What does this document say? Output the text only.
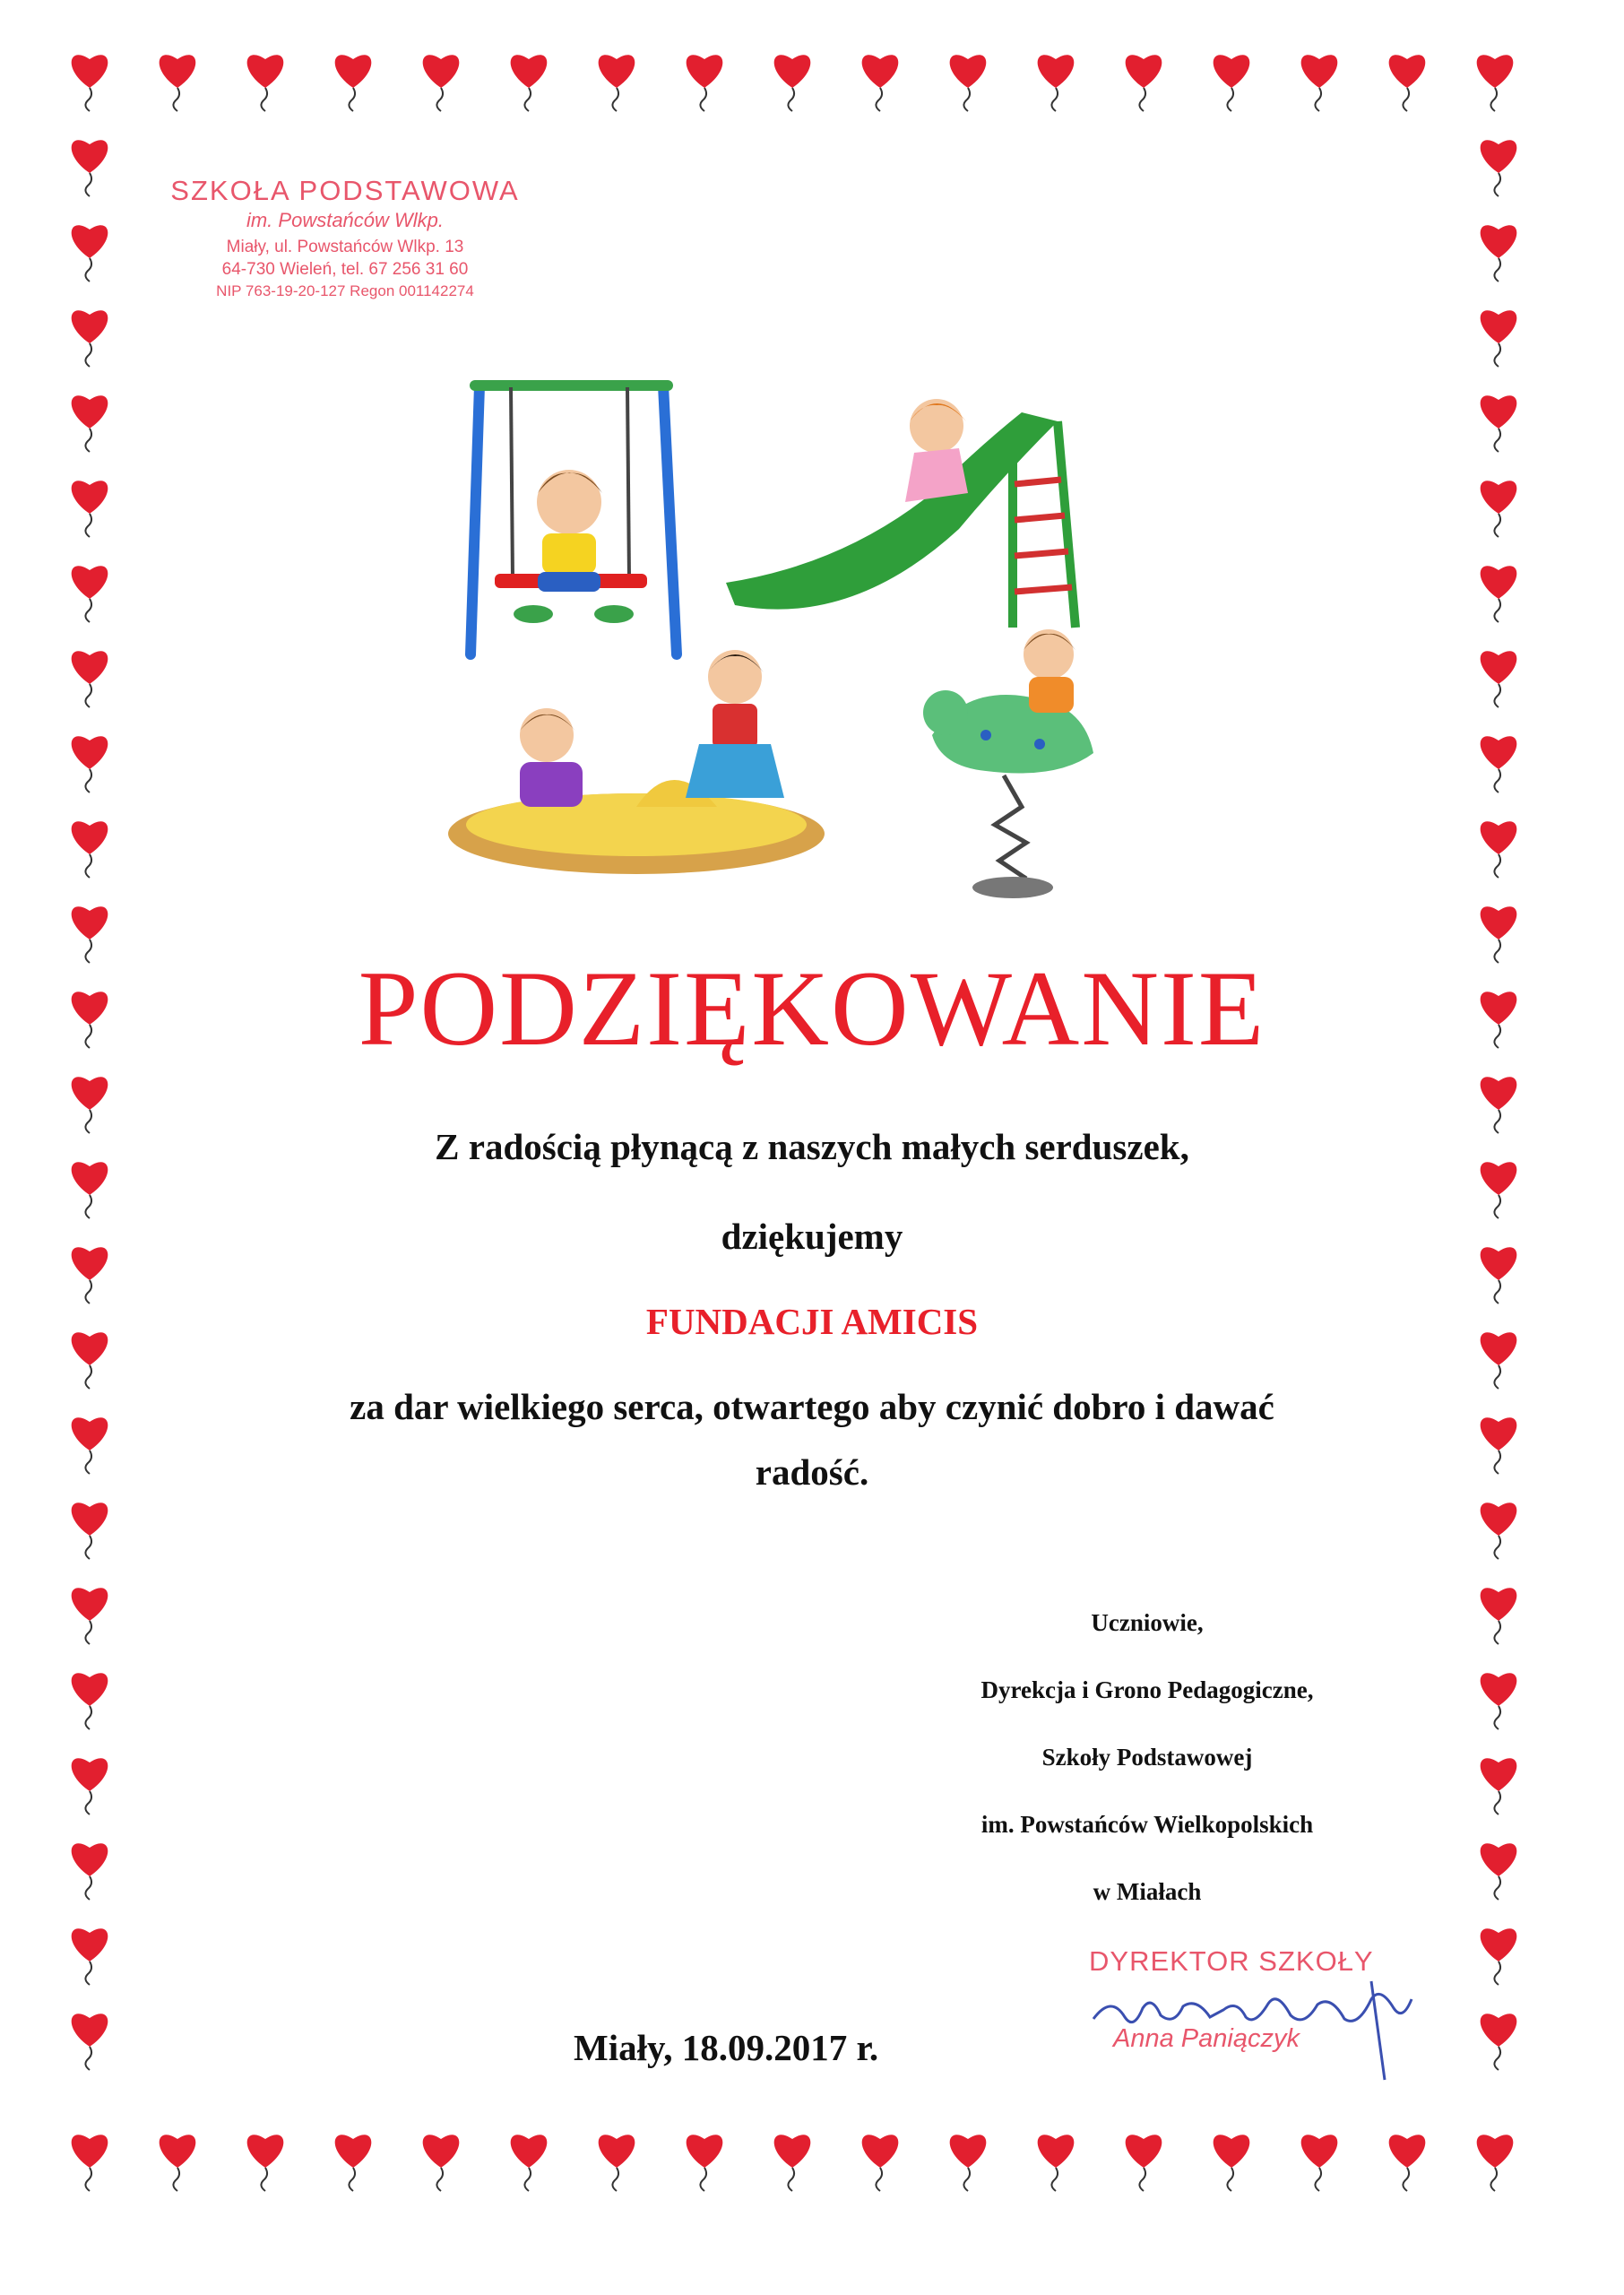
SZKOŁA PODSTAWOWA
im. Powstańców Wlkp.
Miały, ul. Powstańców Wlkp. 13
64-730 Wieleń, tel. 67 256 31 60
NIP 763-19-20-127 Regon 001142274
PODZIĘKOWANIE
Z radością płynącą z naszych małych serduszek,
dziękujemy
FUNDACJI AMICIS
za dar wielkiego serca, otwartego aby czynić dobro i dawać
radość.
Uczniowie,
Dyrekcja i Grono Pedagogiczne,
Szkoły Podstawowej
im. Powstańców Wielkopolskich
w Miałach
Miały, 18.09.2017 r.
DYREKTOR SZKOŁY
Anna Paniączyk
